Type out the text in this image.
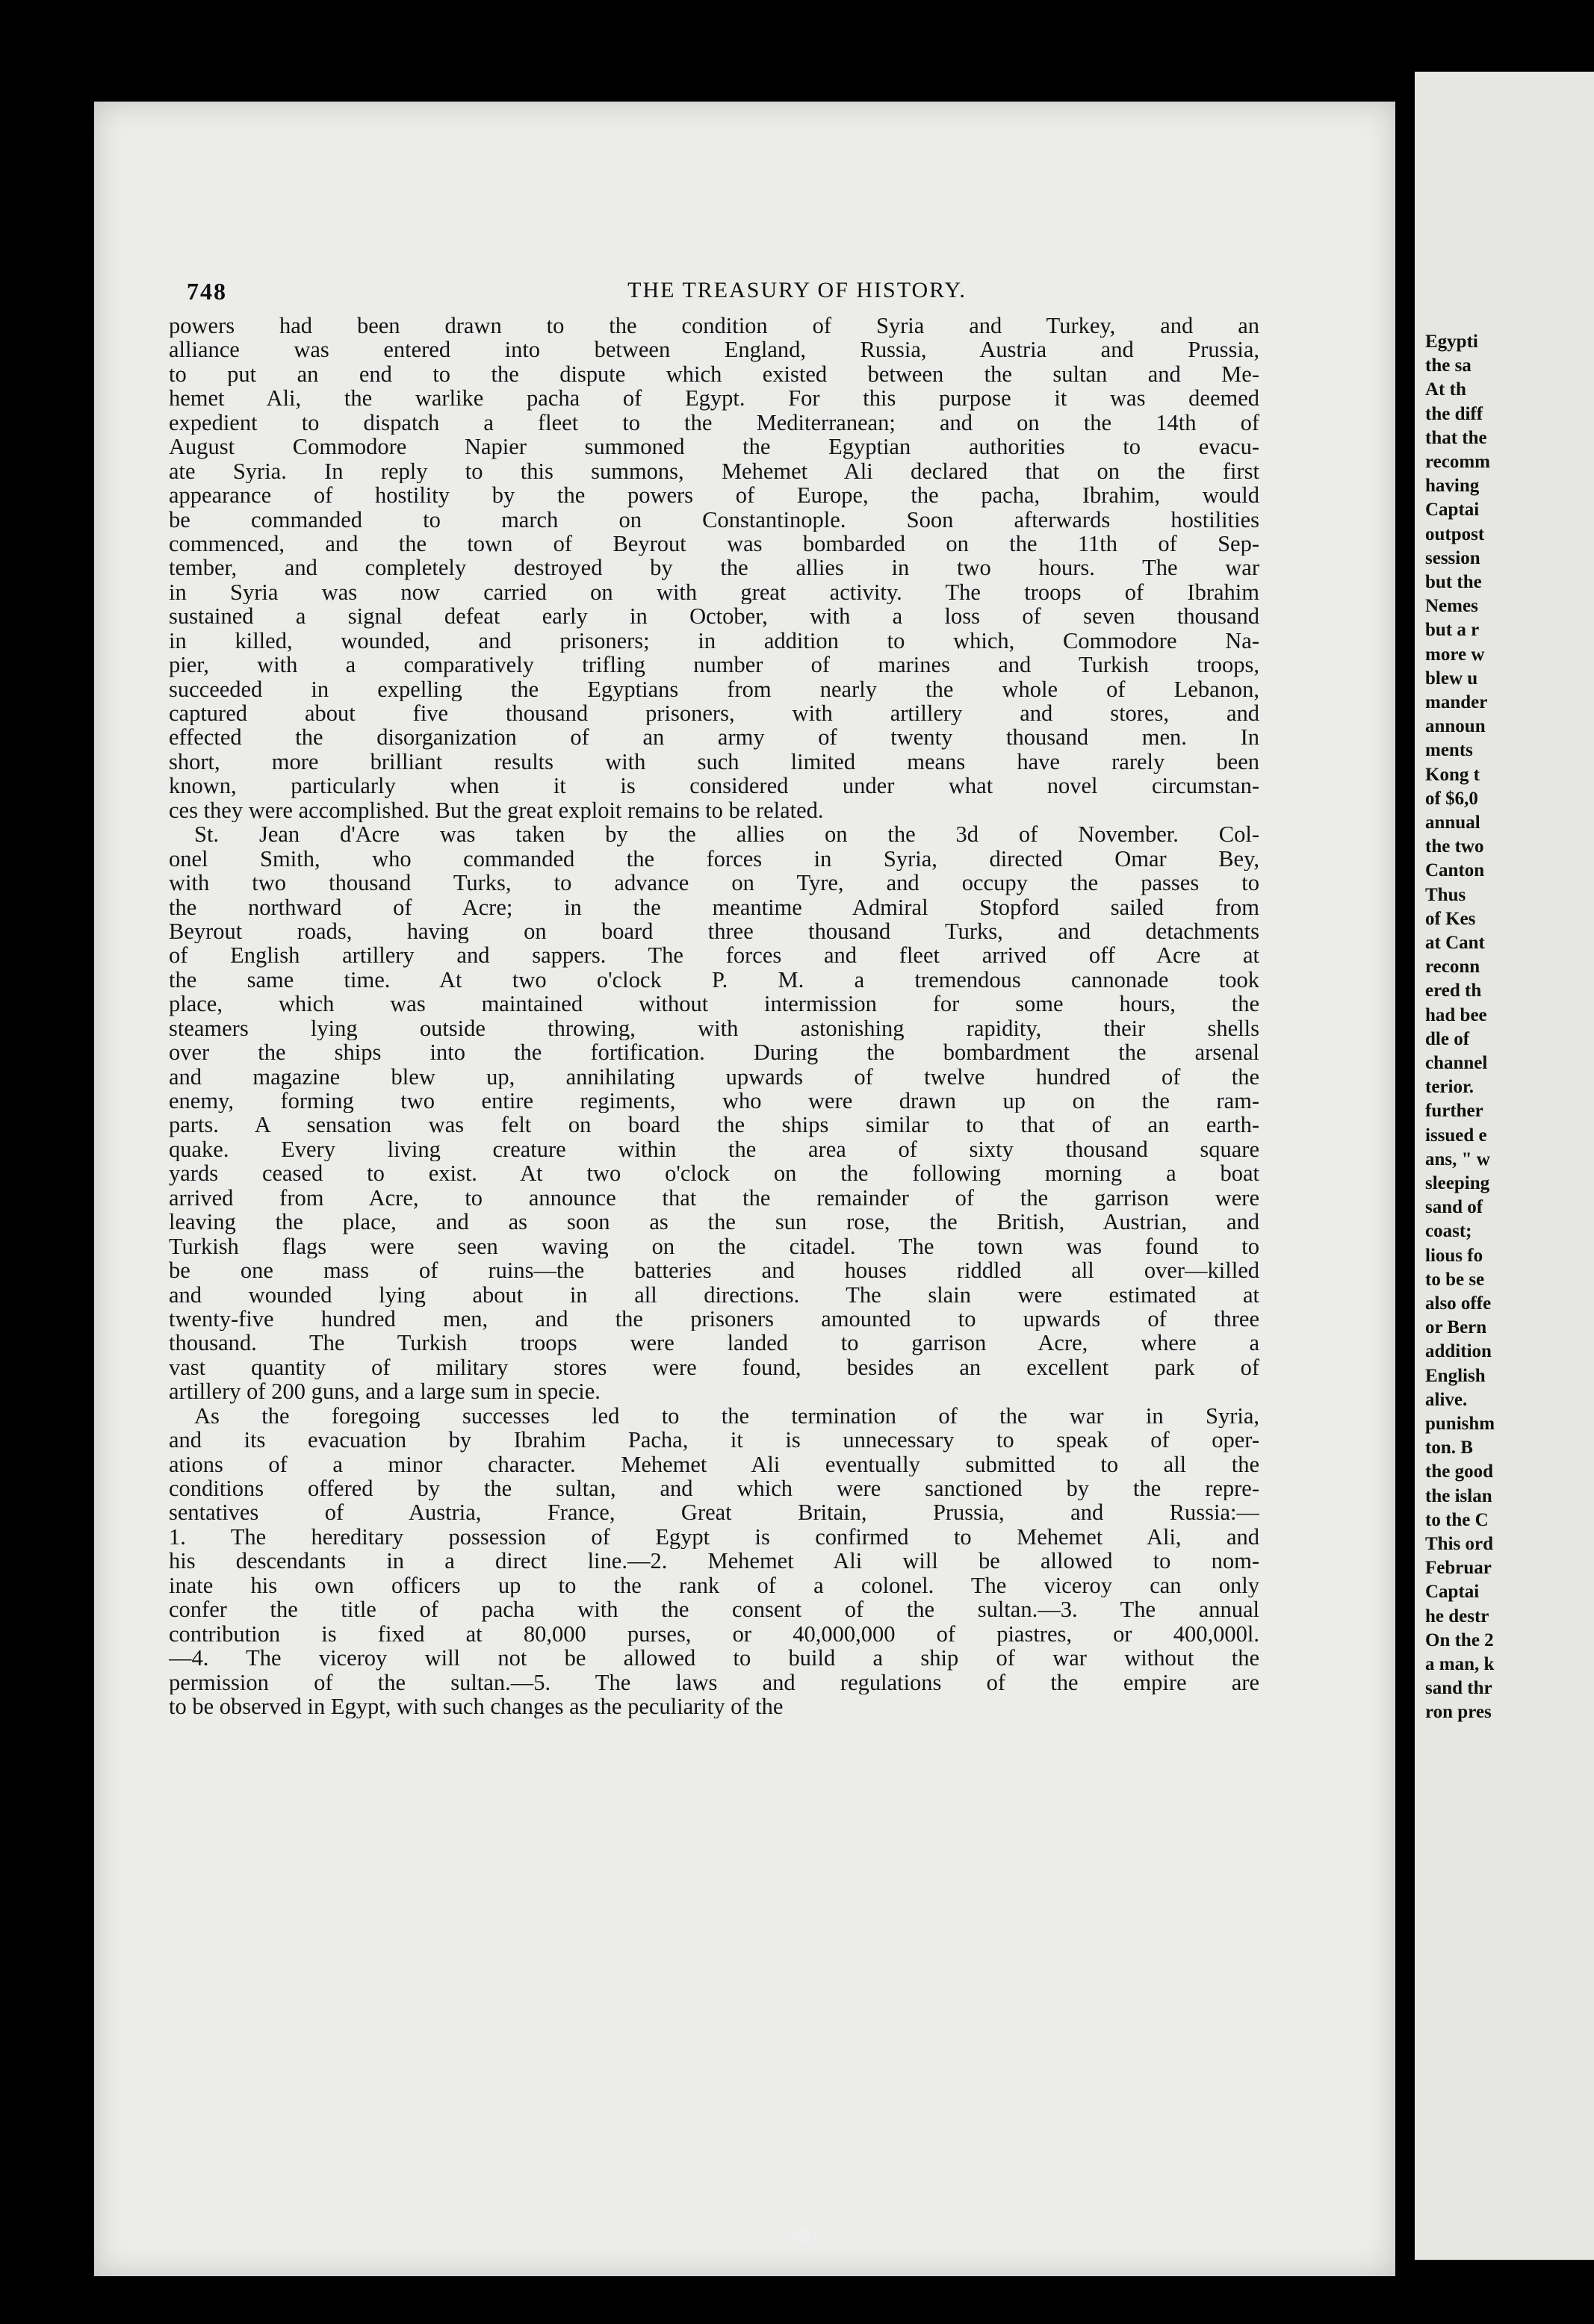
748	THE TREASURY OF HISTORY.
powers had been drawn to the condition of Syria and Turkey, and an
alliance was entered into between England, Russia, Austria and Prussia,
to put an end to the dispute which existed between the sultan and Me-
hemet Ali, the warlike pacha of Egypt. For this purpose it was deemed
expedient to dispatch a fleet to the Mediterranean; and on the 14th of
August Commodore Napier summoned the Egyptian authorities to evacu-
ate Syria. In reply to this summons, Mehemet Ali declared that on the first
appearance of hostility by the powers of Europe, the pacha, Ibrahim, would
be commanded to march on Constantinople. Soon afterwards hostilities
commenced, and the town of Beyrout was bombarded on the 11th of Sep-
tember, and completely destroyed by the allies in two hours. The war
in Syria was now carried on with great activity. The troops of Ibrahim
sustained a signal defeat early in October, with a loss of seven thousand
in killed, wounded, and prisoners; in addition to which, Commodore Na-
pier, with a comparatively trifling number of marines and Turkish troops,
succeeded in expelling the Egyptians from nearly the whole of Lebanon,
captured about five thousand prisoners, with artillery and stores, and
effected the disorganization of an army of twenty thousand men. In
short, more brilliant results with such limited means have rarely been
known, particularly when it is considered under what novel circumstan-
ces they were accomplished. But the great exploit remains to be related.
St. Jean d'Acre was taken by the allies on the 3d of November. Col-
onel Smith, who commanded the forces in Syria, directed Omar Bey,
with two thousand Turks, to advance on Tyre, and occupy the passes to
the northward of Acre; in the meantime Admiral Stopford sailed from
Beyrout roads, having on board three thousand Turks, and detachments
of English artillery and sappers. The forces and fleet arrived off Acre at
the same time. At two o'clock P. M. a tremendous cannonade took
place, which was maintained without intermission for some hours, the
steamers lying outside throwing, with astonishing rapidity, their shells
over the ships into the fortification. During the bombardment the arsenal
and magazine blew up, annihilating upwards of twelve hundred of the
enemy, forming two entire regiments, who were drawn up on the ram-
parts. A sensation was felt on board the ships similar to that of an earth-
quake. Every living creature within the area of sixty thousand square
yards ceased to exist. At two o'clock on the following morning a boat
arrived from Acre, to announce that the remainder of the garrison were
leaving the place, and as soon as the sun rose, the British, Austrian, and
Turkish flags were seen waving on the citadel. The town was found to
be one mass of ruins—the batteries and houses riddled all over—killed
and wounded lying about in all directions. The slain were estimated at
twenty-five hundred men, and the prisoners amounted to upwards of three
thousand. The Turkish troops were landed to garrison Acre, where a
vast quantity of military stores were found, besides an excellent park of
artillery of 200 guns, and a large sum in specie.
As the foregoing successes led to the termination of the war in Syria,
and its evacuation by Ibrahim Pacha, it is unnecessary to speak of oper-
ations of a minor character. Mehemet Ali eventually submitted to all the
conditions offered by the sultan, and which were sanctioned by the repre-
sentatives of Austria, France, Great Britain, Prussia, and Russia:—
1. The hereditary possession of Egypt is confirmed to Mehemet Ali, and
his descendants in a direct line.—2. Mehemet Ali will be allowed to nom-
inate his own officers up to the rank of a colonel. The viceroy can only
confer the title of pacha with the consent of the sultan.—3. The annual
contribution is fixed at 80,000 purses, or 40,000,000 of piastres, or 400,000l.
—4. The viceroy will not be allowed to build a ship of war without the
permission of the sultan.—5. The laws and regulations of the empire are
to be observed in Egypt, with such changes as the peculiarity of the
Egypti
the sa
At th
the diff
that the
recomm
having
Captai
outpost
session
but the
Nemes
but a r
more w
blew u
mander
announ
ments
Kong t
of $6,0
annual
the two
Canton
Thus
of Kes
at Cant
reconn
ered th
had bee
dle of
channel
terior.
further
issued e
ans, " w
sleeping
sand of
coast;
lious fo
to be se
also offe
or Bern
addition
English
alive.
punishm
ton. B
the good
the islan
to the C
This ord
Februar
Captai
he destr
On the 2
a man, k
sand thr
ron pres
❧
